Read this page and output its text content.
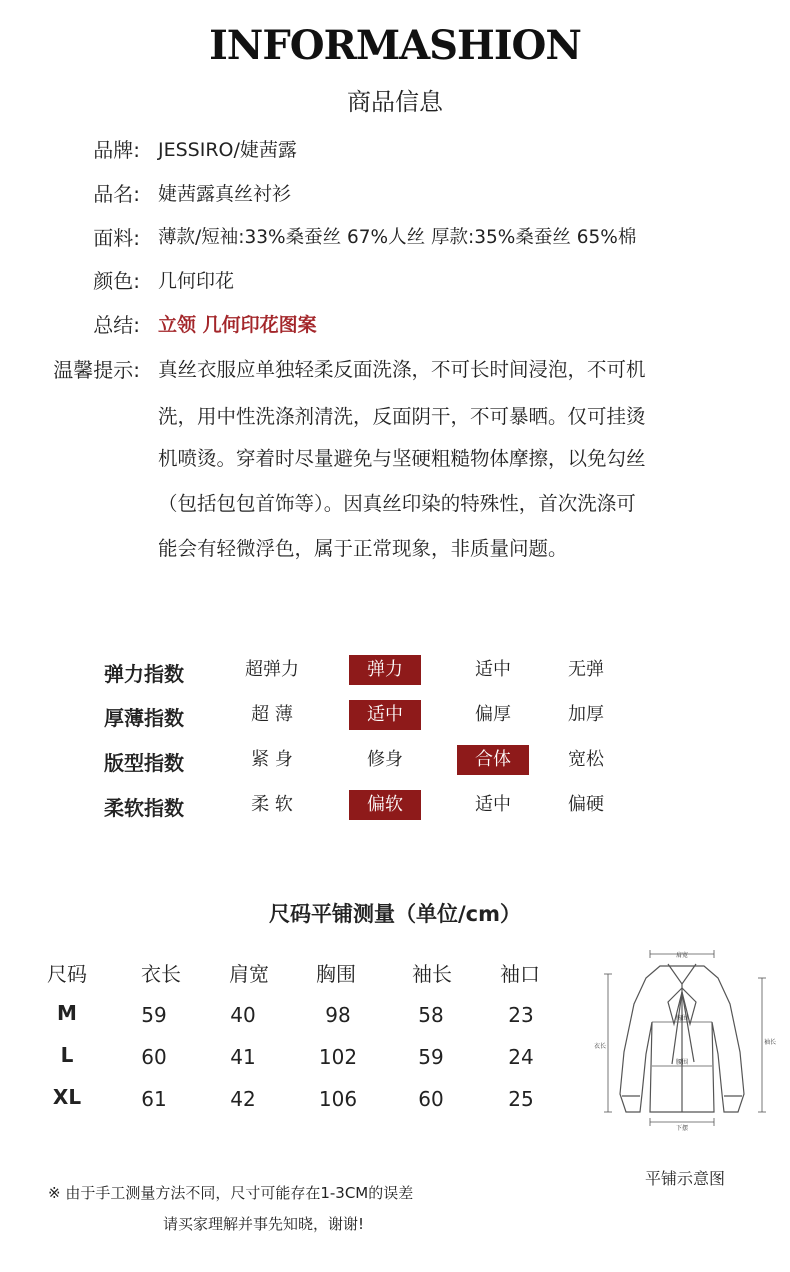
INFORMASHION
商品信息
品牌: JESSIRO/婕茜露
品名: 婕茜露真丝衬衫
面料: 薄款/短袖:33%桑蚕丝 67%人丝 厚款:35%桑蚕丝 65%棉
颜色: 几何印花
总结: 立领 几何印花图案
温馨提示: 真丝衣服应单独轻柔反面洗涤，不可长时间浸泡，不可机
洗，用中性洗涤剂清洗，反面阴干，不可暴晒。仅可挂烫
机喷烫。穿着时尽量避免与坚硬粗糙物体摩擦，以免勾丝
（包括包包首饰等）。因真丝印染的特殊性，首次洗涤可
能会有轻微浮色，属于正常现象，非质量问题。
弹力指数	超弹力	弹力	适中	无弹
厚薄指数	超 薄	适中	偏厚	加厚
版型指数	紧 身	修身	合体	宽松
柔软指数	柔 软	偏软	适中	偏硬
尺码平铺测量（单位/cm）
尺码	衣长	肩宽	胸围	袖长	袖口
M	59	40	98	58	23
L	60	41	102	59	24
XL	61	42	106	60	25
肩宽
胸围
腰围
下摆
衣长
袖长
平铺示意图
※ 由于手工测量方法不同，尺寸可能存在1-3CM的误差
请买家理解并事先知晓，谢谢!
